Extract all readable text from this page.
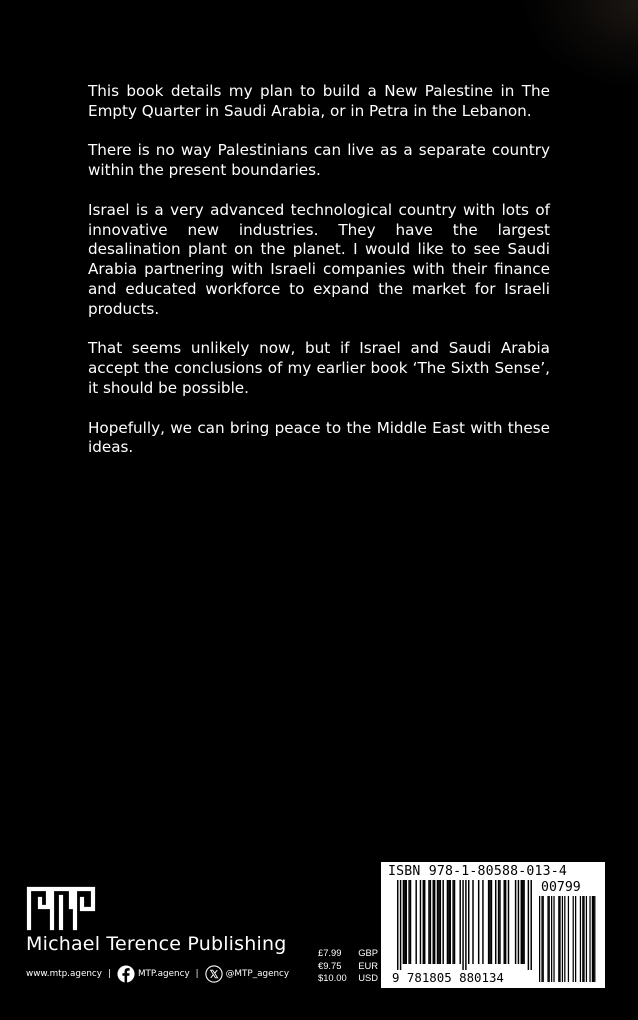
This book details my plan to build a New Palestine in The Empty Quarter in Saudi Arabia, or in Petra in the Lebanon.

There is no way Palestinians can live as a separate country within the present boundaries.

Israel is a very advanced technological country with lots of innovative new industries. They have the largest desalination plant on the planet. I would like to see Saudi Arabia partnering with Israeli companies with their finance and educated workforce to expand the market for Israeli products.

That seems unlikely now, but if Israel and Saudi Arabia accept the conclusions of my earlier book ‘The Sixth Sense’, it should be possible.

Hopefully, we can bring peace to the Middle East with these ideas.

Michael Terence Publishing
www.mtp.agency |	MTP.agency |	@MTP_agency
£7.99 GBP
€9.75 EUR
$10.00 USD
ISBN 978-1-80588-013-4
00799
9 781805 880134
